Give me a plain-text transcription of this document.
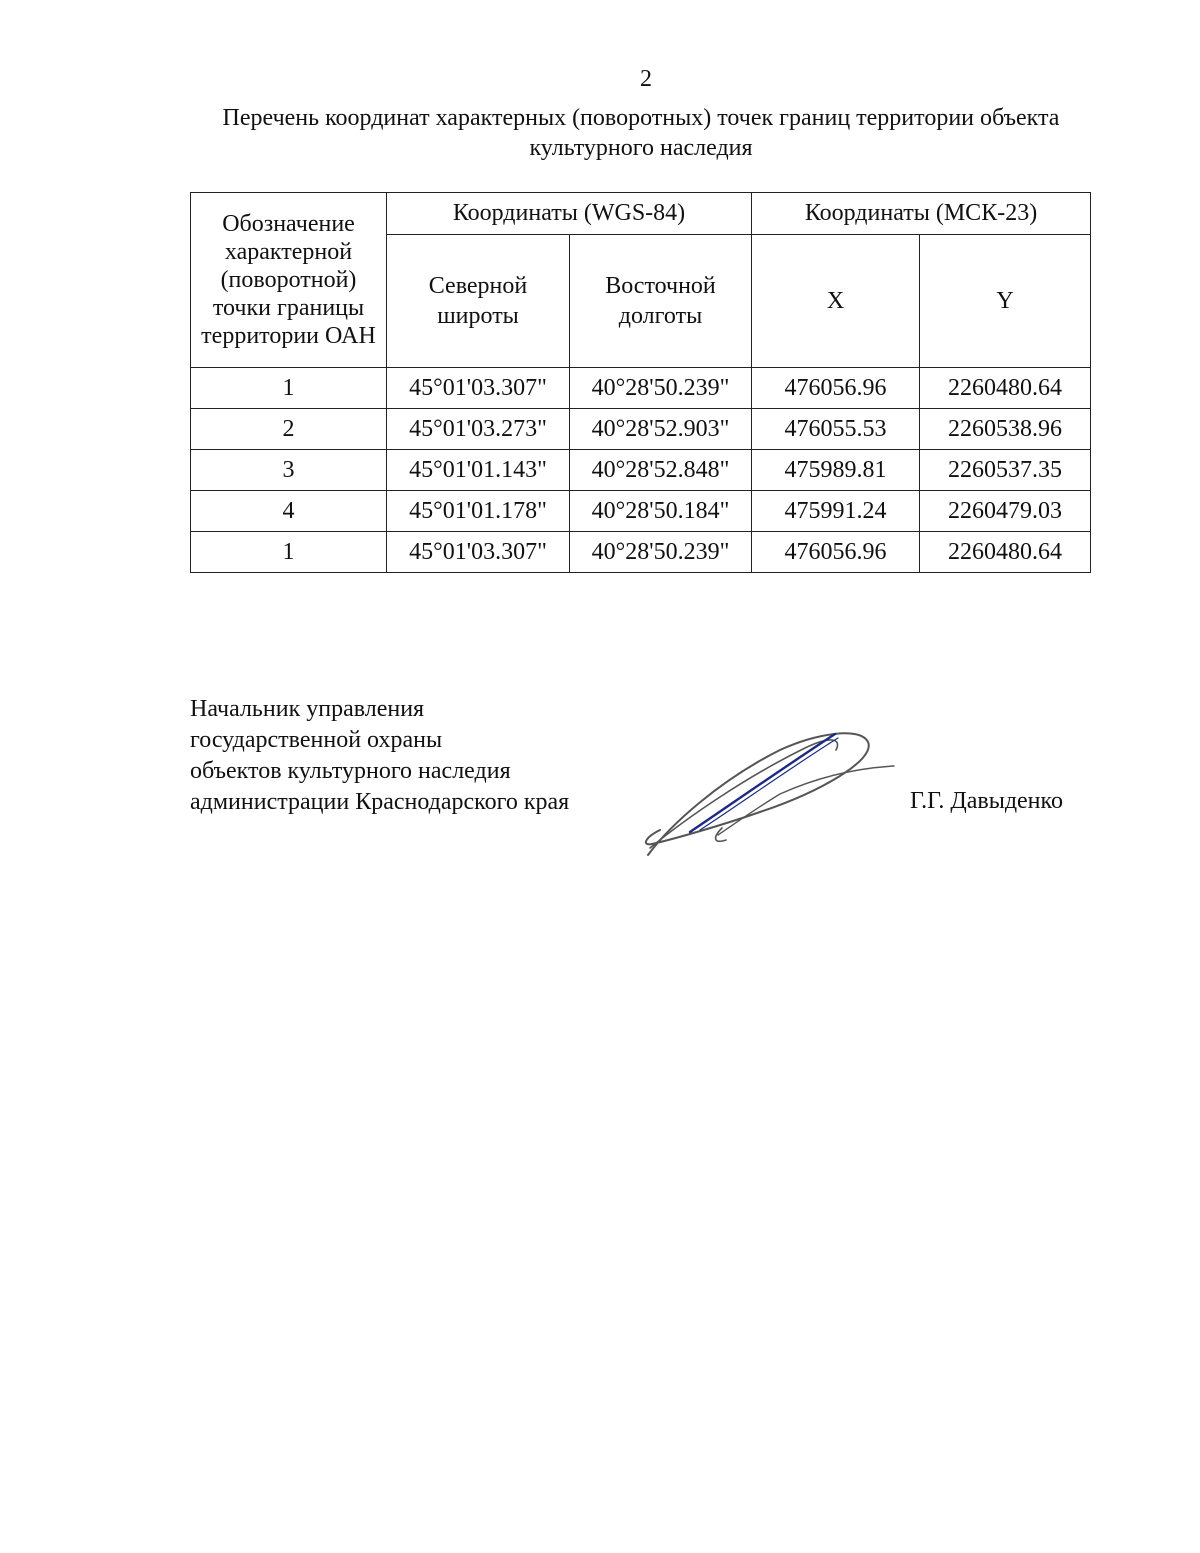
2
Перечень координат характерных (поворотных) точек границ территории объекта культурного наследия
Обозначение характерной (поворотной) точки границы территории ОАН	Координаты (WGS-84)		Координаты (МСК-23)	
	Северной широты	Восточной долготы	X	Y
1	45°01'03.307"	40°28'50.239"	476056.96	2260480.64
2	45°01'03.273"	40°28'52.903"	476055.53	2260538.96
3	45°01'01.143"	40°28'52.848"	475989.81	2260537.35
4	45°01'01.178"	40°28'50.184"	475991.24	2260479.03
1	45°01'03.307"	40°28'50.239"	476056.96	2260480.64
Начальник управления
государственной охраны
объектов культурного наследия
администрации Краснодарского края	Г.Г. Давыденко
